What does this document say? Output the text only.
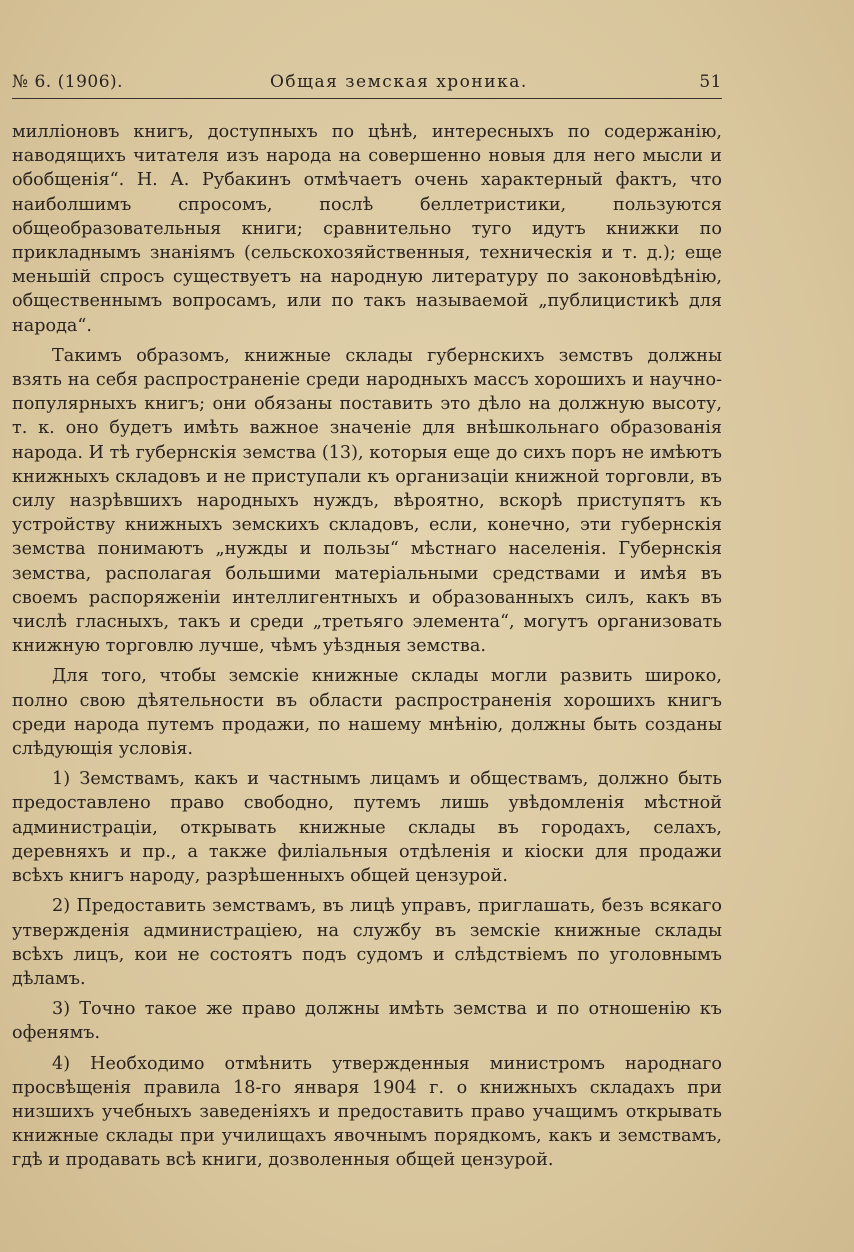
№ 6. (1906).	Общая земская хроника.	51

милліоновъ книгъ, доступныхъ по цѣнѣ, интересныхъ по содержанію, наводящихъ читателя изъ народа на совершенно новыя для него мысли и обобщенія“. Н. А. Рубакинъ отмѣчаетъ очень характерный фактъ, что наиболшимъ спросомъ, послѣ беллетристики, пользуются общеобразовательныя книги; сравнительно туго идутъ книжки по прикладнымъ знаніямъ (сельскохозяйственныя, техническія и т. д.); еще меньшій спросъ существуетъ на народную литературу по законовѣдѣнію, общественнымъ вопросамъ, или по такъ называемой „публицистикѣ для народа“.

Такимъ образомъ, книжные склады губернскихъ земствъ должны взять на себя распространеніе среди народныхъ массъ хорошихъ и научно-популярныхъ книгъ; они обязаны поставить это дѣло на должную высоту, т. к. оно будетъ имѣть важное значеніе для внѣшкольнаго образованія народа. И тѣ губернскія земства (13), которыя еще до сихъ поръ не имѣютъ книжныхъ складовъ и не приступали къ организаціи книжной торговли, въ силу назрѣвшихъ народныхъ нуждъ, вѣроятно, вскорѣ приступятъ къ устройству книжныхъ земскихъ складовъ, если, конечно, эти губернскія земства понимаютъ „нужды и пользы“ мѣстнаго населенія. Губернскія земства, располагая большими матеріальными средствами и имѣя въ своемъ распоряженіи интеллигентныхъ и образованныхъ силъ, какъ въ числѣ гласныхъ, такъ и среди „третьяго элемента“, могутъ организовать книжную торговлю лучше, чѣмъ уѣздныя земства.

Для того, чтобы земскіе книжные склады могли развить широко, полно свою дѣятельности въ области распространенія хорошихъ книгъ среди народа путемъ продажи, по нашему мнѣнію, должны быть созданы слѣдующія условія.

1) Земствамъ, какъ и частнымъ лицамъ и обществамъ, должно быть предоставлено право свободно, путемъ лишь увѣдомленія мѣстной администраціи, открывать книжные склады въ городахъ, селахъ, деревняхъ и пр., а также филіальныя отдѣленія и кіоски для продажи всѣхъ книгъ народу, разрѣшенныхъ общей цензурой.

2) Предоставить земствамъ, въ лицѣ управъ, приглашать, безъ всякаго утвержденія администраціею, на службу въ земскіе книжные склады всѣхъ лицъ, кои не состоятъ подъ судомъ и слѣдствіемъ по уголовнымъ дѣламъ.

3) Точно такое же право должны имѣть земства и по отношенію къ офенямъ.

4) Необходимо отмѣнить утвержденныя министромъ народнаго просвѣщенія правила 18-го января 1904 г. о книжныхъ складахъ при низшихъ учебныхъ заведеніяхъ и предоставить право учащимъ открывать книжные склады при училищахъ явочнымъ порядкомъ, какъ и земствамъ, гдѣ и продавать всѣ книги, дозволенныя общей цензурой.
